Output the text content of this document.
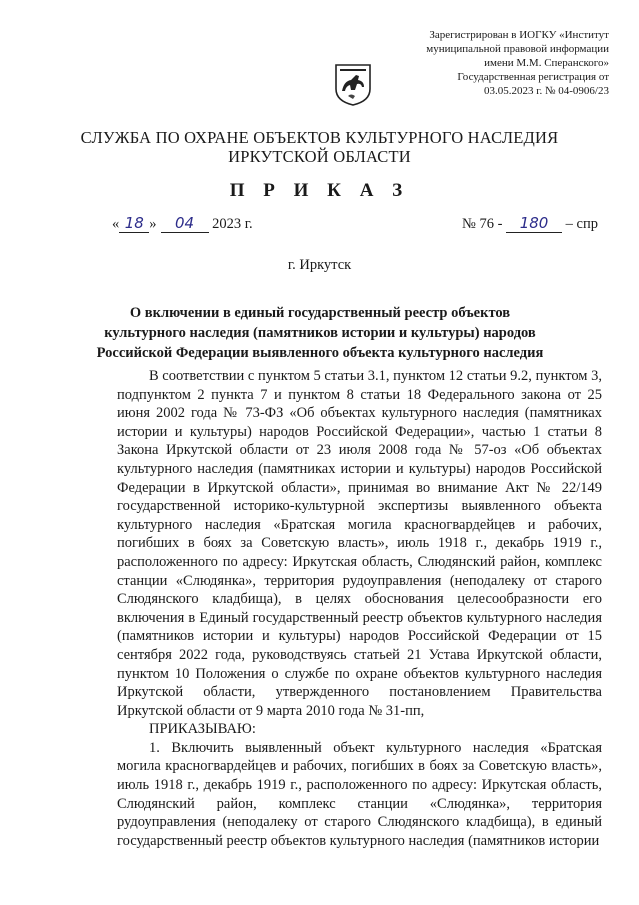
Зарегистрирован в ИОГКУ «Институт
муниципальной правовой информации
имени М.М. Сперанского»
Государственная регистрация от
03.05.2023 г. № 04-0906/23
СЛУЖБА ПО ОХРАНЕ ОБЪЕКТОВ КУЛЬТУРНОГО НАСЛЕДИЯ
ИРКУТСКОЙ ОБЛАСТИ
П Р И К А З
« 18 » 04 2023 г.	№ 76 - 180 – спр
г. Иркутск
О включении в единый государственный реестр объектов культурного наследия (памятников истории и культуры) народов Российской Федерации выявленного объекта культурного наследия

В соответствии с пунктом 5 статьи 3.1, пунктом 12 статьи 9.2, пунктом 3, подпунктом 2 пункта 7 и пунктом 8 статьи 18 Федерального закона от 25 июня 2002 года № 73-ФЗ «Об объектах культурного наследия (памятниках истории и культуры) народов Российской Федерации», частью 1 статьи 8 Закона Иркутской области от 23 июля 2008 года № 57-оз «Об объектах культурного наследия (памятниках истории и культуры) народов Российской Федерации в Иркутской области», принимая во внимание Акт № 22/149 государственной историко-культурной экспертизы выявленного объекта культурного наследия «Братская могила красногвардейцев и рабочих, погибших в боях за Советскую власть», июль 1918 г., декабрь 1919 г., расположенного по адресу: Иркутская область, Слюдянский район, комплекс станции «Слюдянка», территория рудоуправления (неподалеку от старого Слюдянского кладбища), в целях обоснования целесообразности его включения в Единый государственный реестр объектов культурного наследия (памятников истории и культуры) народов Российской Федерации от 15 сентября 2022 года, руководствуясь статьей 21 Устава Иркутской области, пунктом 10 Положения о службе по охране объектов культурного наследия Иркутской области, утвержденного постановлением Правительства Иркутской области от 9 марта 2010 года № 31-пп,

ПРИКАЗЫВАЮ:

1. Включить выявленный объект культурного наследия «Братская могила красногвардейцев и рабочих, погибших в боях за Советскую власть», июль 1918 г., декабрь 1919 г., расположенного по адресу: Иркутская область, Слюдянский район, комплекс станции «Слюдянка», территория рудоуправления (неподалеку от старого Слюдянского кладбища), в единый государственный реестр объектов культурного наследия (памятников истории
